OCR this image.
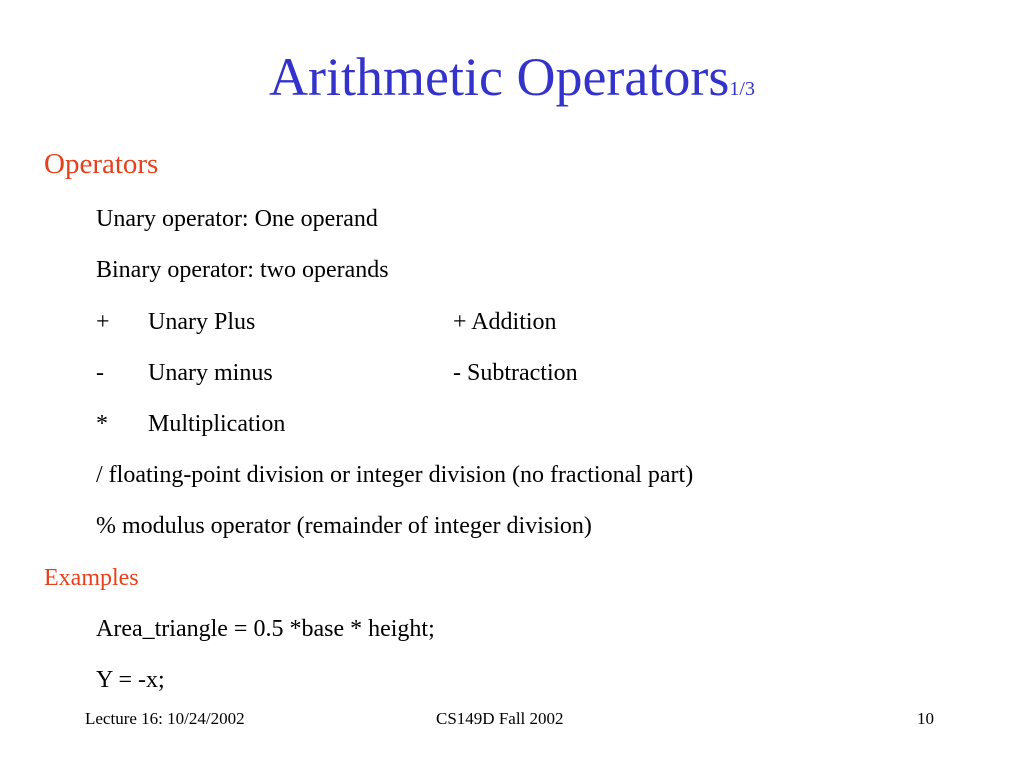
Arithmetic Operators1/3
Operators
Unary operator: One operand
Binary operator: two operands
+ Unary Plus	+ Addition
- Unary minus	- Subtraction
* Multiplication
/ floating-point division or integer division (no fractional part)
% modulus operator (remainder of integer division)
Examples
Area_triangle = 0.5 *base * height;
Y = -x;
Lecture 16: 10/24/2002	CS149D Fall 2002	10
